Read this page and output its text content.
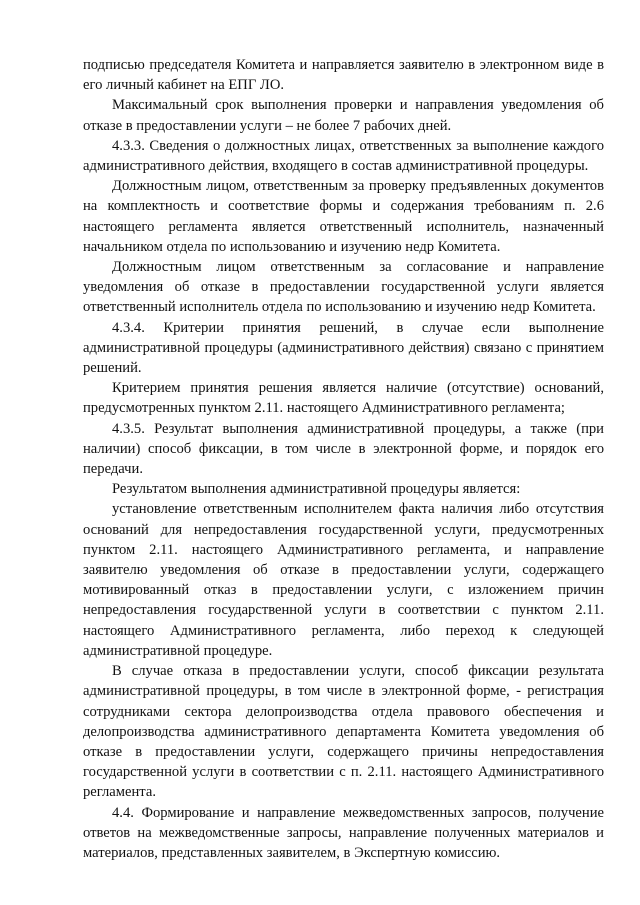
подписью председателя Комитета и направляется заявителю в электронном виде в его личный кабинет на ЕПГ ЛО.

Максимальный срок выполнения проверки и направления уведомления об отказе в предоставлении услуги – не более 7 рабочих дней.

4.3.3. Сведения о должностных лицах, ответственных за выполнение каждого административного действия, входящего в состав административной процедуры.

Должностным лицом, ответственным за проверку предъявленных документов на комплектность и соответствие формы и содержания требованиям п. 2.6 настоящего регламента является ответственный исполнитель, назначенный начальником отдела по использованию и изучению недр Комитета.

Должностным лицом ответственным за согласование и направление уведомления об отказе в предоставлении государственной услуги является ответственный исполнитель отдела по использованию и изучению недр Комитета.

4.3.4. Критерии принятия решений, в случае если выполнение административной процедуры (административного действия) связано с принятием решений.

Критерием принятия решения является наличие (отсутствие) оснований, предусмотренных пунктом 2.11. настоящего Административного регламента;

4.3.5. Результат выполнения административной процедуры, а также (при наличии) способ фиксации, в том числе в электронной форме, и порядок его передачи.

Результатом выполнения административной процедуры является:

установление ответственным исполнителем факта наличия либо отсутствия оснований для непредоставления государственной услуги, предусмотренных пунктом 2.11. настоящего Административного регламента, и направление заявителю уведомления об отказе в предоставлении услуги, содержащего мотивированный отказ в предоставлении услуги, с изложением причин непредоставления государственной услуги в соответствии с пунктом 2.11. настоящего Административного регламента, либо переход к следующей административной процедуре.

В случае отказа в предоставлении услуги, способ фиксации результата административной процедуры, в том числе в электронной форме, - регистрация сотрудниками сектора делопроизводства отдела правового обеспечения и делопроизводства административного департамента Комитета уведомления об отказе в предоставлении услуги, содержащего причины непредоставления государственной услуги в соответствии с п. 2.11. настоящего Административного регламента.

4.4. Формирование и направление межведомственных запросов, получение ответов на межведомственные запросы, направление полученных материалов и материалов, представленных заявителем, в Экспертную комиссию.
